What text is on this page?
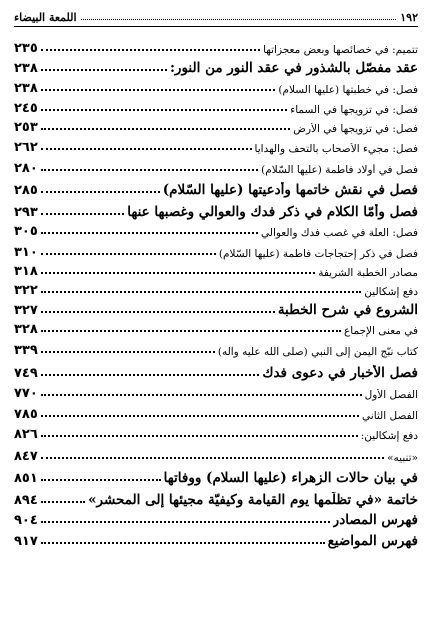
١٩٢
اللمعة البيضاء
تتميم: في خصائصها وبعض معجزاتها
٢٣٥
عقد مفصّل بالشذور في عقد النور من النور:
٢٣٨
فصل: في خطبتها (عليها السلام)
٢٣٨
فصل: في تزويجها في السماء
٢٤٥
فصل: في تزويجها في الأرض
٢٥٣
فصل: مجيء الأصحاب بالتحف والهدايا
٢٦٢
فصل في أولاد فاطمة (عليها السّلام)
٢٨٠
فصل في نقش خاتمها وأدعيتها (عليها السّلام)
٢٨٥
فصل وأمّا الكلام في ذكر فدك والعوالي وغصبها عنها
٢٩٣
فصل: العلّة في غصب فدك والعوالي
٣٠٥
فصل في ذكر إحتجاجات فاطمة (عليها السّلام)
٣١٠
مصادر الخطبة الشريفة
٣١٨
دفع إشكالين
٣٢٢
الشروع في شرح الخطبة
٣٢٧
في معنى الإجماع
٣٢٨
كتاب نبّج اليمن إلى النبي (صلّى الله عليه وآله)
٣٣٩
فصل الأخبار في دعوى فدك
٧٤٩
الفصل الأول
٧٧٠
الفصل الثاني
٧٨٥
دفع إشكالين:
٨٢٦
«تنبيه»
٨٤٧
في بيان حالات الزهراء (عليها السلام) ووفاتها
٨٥١
خاتمة «في تظلّمها يوم القيامة وكيفيّة مجيئها إلى المحشر»
٨٩٤
فهرس المصادر
٩٠٤
فهرس المواضيع
٩١٧
